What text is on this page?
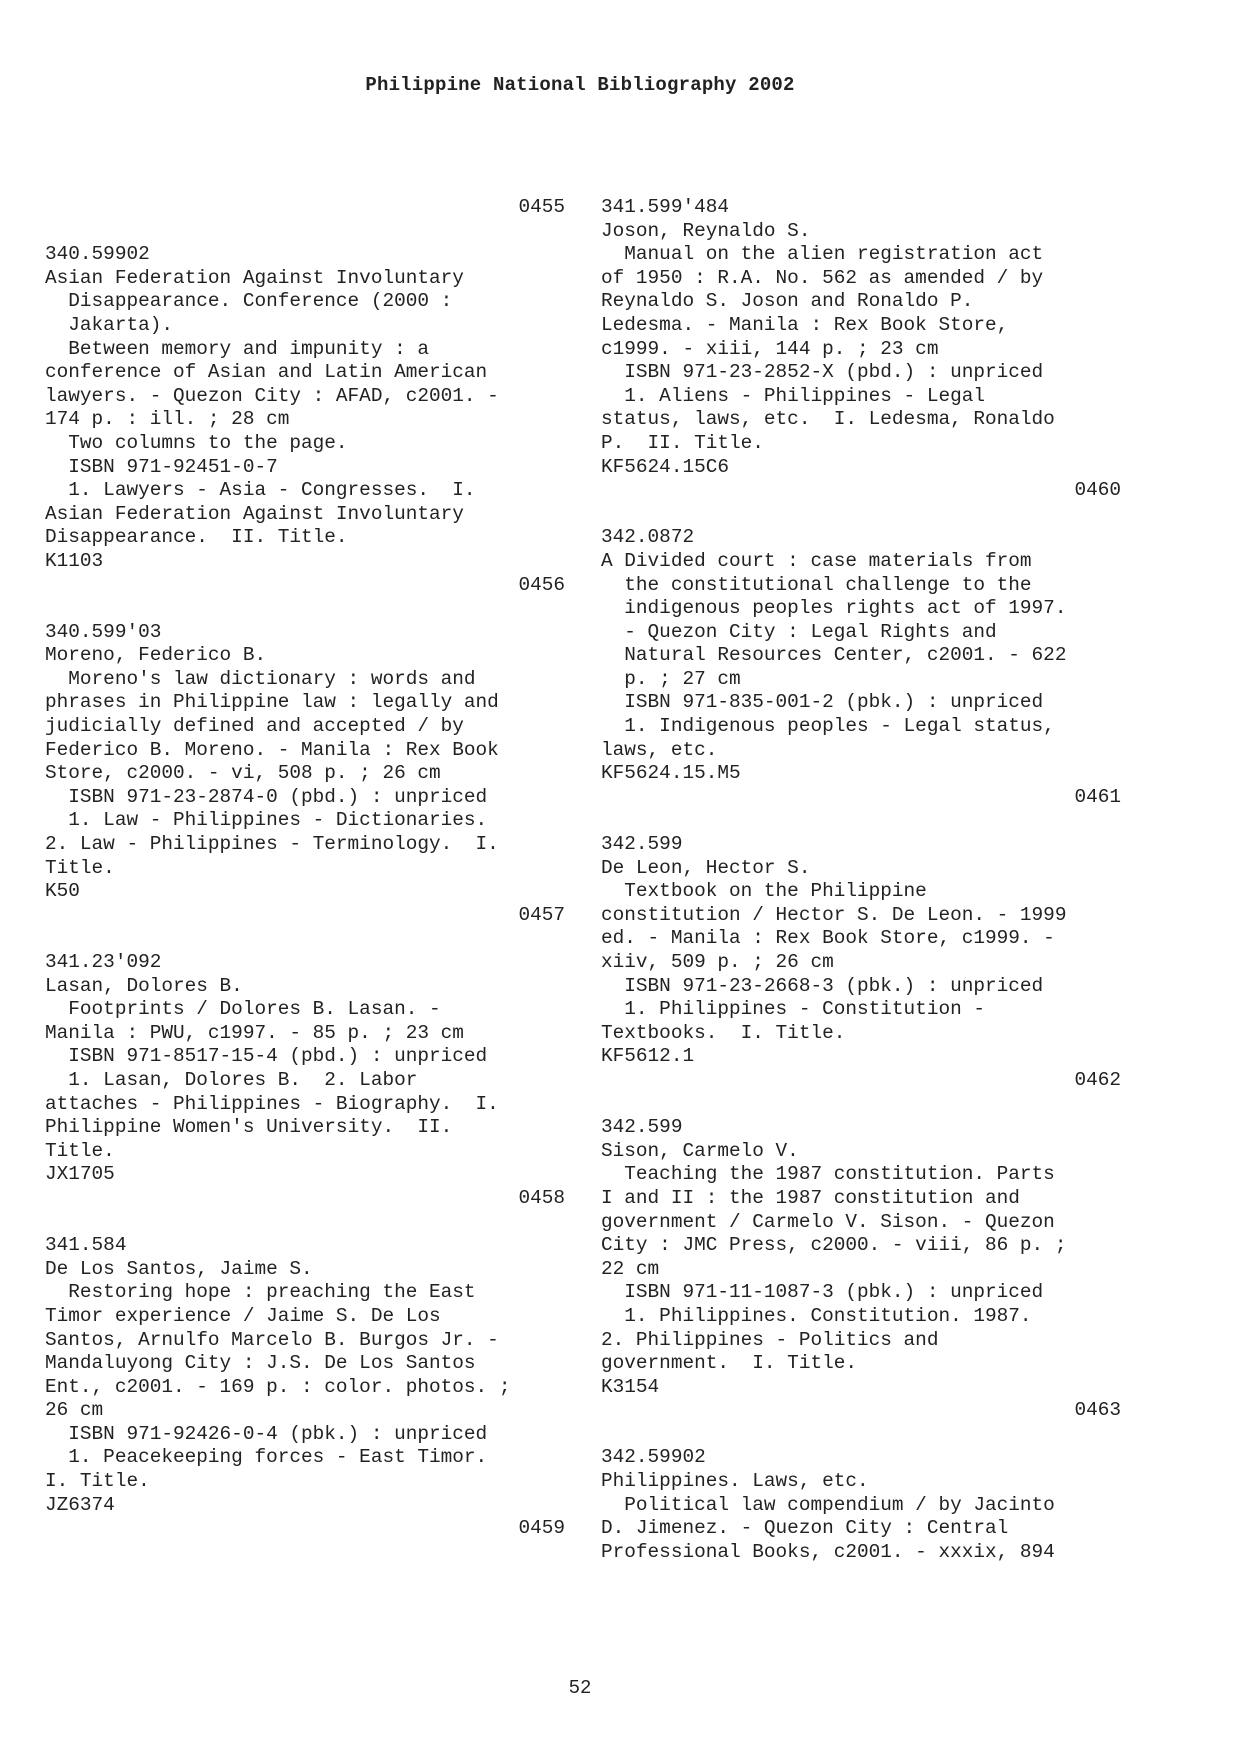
Philippine National Bibliography 2002
0455
340.59902
Asian Federation Against Involuntary
Disappearance. Conference (2000 :
Jakarta).
Between memory and impunity : a
conference of Asian and Latin American
lawyers. - Quezon City : AFAD, c2001. -
174 p. : ill. ; 28 cm
Two columns to the page.
ISBN 971-92451-0-7
1. Lawyers - Asia - Congresses.  I.
Asian Federation Against Involuntary
Disappearance.  II. Title.
K1103
0456
340.599'03
Moreno, Federico B.
Moreno's law dictionary : words and
phrases in Philippine law : legally and
judicially defined and accepted / by
Federico B. Moreno. - Manila : Rex Book
Store, c2000. - vi, 508 p. ; 26 cm
ISBN 971-23-2874-0 (pbd.) : unpriced
1. Law - Philippines - Dictionaries.
2. Law - Philippines - Terminology.  I.
Title.
K50
0457
341.23'092
Lasan, Dolores B.
Footprints / Dolores B. Lasan. -
Manila : PWU, c1997. - 85 p. ; 23 cm
ISBN 971-8517-15-4 (pbd.) : unpriced
1. Lasan, Dolores B.  2. Labor
attaches - Philippines - Biography.  I.
Philippine Women's University.  II.
Title.
JX1705
0458
341.584
De Los Santos, Jaime S.
Restoring hope : preaching the East
Timor experience / Jaime S. De Los
Santos, Arnulfo Marcelo B. Burgos Jr. -
Mandaluyong City : J.S. De Los Santos
Ent., c2001. - 169 p. : color. photos. ;
26 cm
ISBN 971-92426-0-4 (pbk.) : unpriced
1. Peacekeeping forces - East Timor.
I. Title.
JZ6374
0459
341.599'484
Joson, Reynaldo S.
Manual on the alien registration act
of 1950 : R.A. No. 562 as amended / by
Reynaldo S. Joson and Ronaldo P.
Ledesma. - Manila : Rex Book Store,
c1999. - xiii, 144 p. ; 23 cm
ISBN 971-23-2852-X (pbd.) : unpriced
1. Aliens - Philippines - Legal
status, laws, etc.  I. Ledesma, Ronaldo
P.  II. Title.
KF5624.15C6
0460
342.0872
A Divided court : case materials from
the constitutional challenge to the
indigenous peoples rights act of 1997.
- Quezon City : Legal Rights and
Natural Resources Center, c2001. - 622
p. ; 27 cm
ISBN 971-835-001-2 (pbk.) : unpriced
1. Indigenous peoples - Legal status,
laws, etc.
KF5624.15.M5
0461
342.599
De Leon, Hector S.
Textbook on the Philippine
constitution / Hector S. De Leon. - 1999
ed. - Manila : Rex Book Store, c1999. -
xiiv, 509 p. ; 26 cm
ISBN 971-23-2668-3 (pbk.) : unpriced
1. Philippines - Constitution -
Textbooks.  I. Title.
KF5612.1
0462
342.599
Sison, Carmelo V.
Teaching the 1987 constitution. Parts
I and II : the 1987 constitution and
government / Carmelo V. Sison. - Quezon
City : JMC Press, c2000. - viii, 86 p. ;
22 cm
ISBN 971-11-1087-3 (pbk.) : unpriced
1. Philippines. Constitution. 1987.
2. Philippines - Politics and
government.  I. Title.
K3154
0463
342.59902
Philippines. Laws, etc.
Political law compendium / by Jacinto
D. Jimenez. - Quezon City : Central
Professional Books, c2001. - xxxix, 894
52
